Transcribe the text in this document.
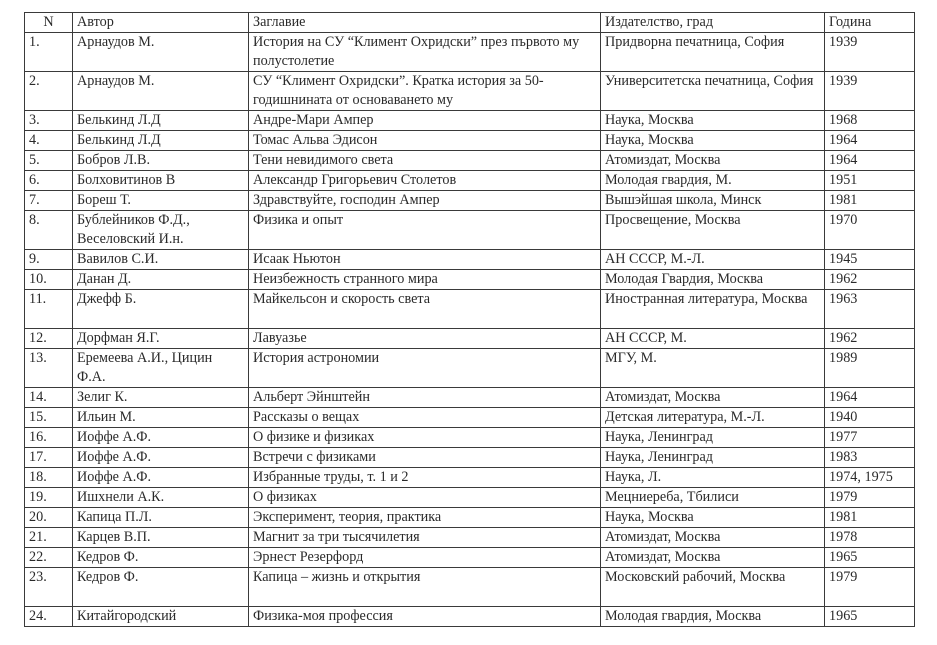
N	Автор	Заглавие	Издателство, град	Година
1.	Арнаудов М.	История на СУ “Климент Охридски” през първото му полустолетие	Придворна печатница, София	1939
2.	Арнаудов М.	СУ “Климент Охридски”. Кратка история за 50-годишнината от основаването му	Университетска печатница, София	1939
3.	Белькинд Л.Д	Андре-Мари Ампер	Наука, Москва	1968
4.	Белькинд Л.Д	Томас Альва Эдисон	Наука, Москва	1964
5.	Бобров Л.В.	Тени невидимого света	Атомиздат, Москва	1964
6.	Болховитинов В	Александр Григорьевич Столетов	Молодая гвардия, М.	1951
7.	Бореш Т.	Здравствуйте, господин Ампер	Вышэйшая школа, Минск	1981
8.	Бублейников Ф.Д., Веселовский И.н.	Физика и опыт	Просвещение, Москва	1970
9.	Вавилов С.И.	Исаак Ньютон	АН СССР, М.-Л.	1945
10.	Данан Д.	Неизбежность странного мира	Молодая Гвардия, Москва	1962
11.	Джефф Б.	Майкельсон и скорость света	Иностранная литература, Москва	1963
12.	Дорфман Я.Г.	Лавуазье	АН СССР, М.	1962
13.	Еремеева А.И., Цицин Ф.А.	История астрономии	МГУ, М.	1989
14.	Зелиг К.	Альберт Эйнштейн	Атомиздат, Москва	1964
15.	Ильин М.	Рассказы о вещах	Детская литература, М.-Л.	1940
16.	Иоффе А.Ф.	О физике и физиках	Наука, Ленинград	1977
17.	Иоффе А.Ф.	Встречи с физиками	Наука, Ленинград	1983
18.	Иоффе А.Ф.	Избранные труды, т. 1 и 2	Наука, Л.	1974, 1975
19.	Ишхнели А.К.	О физиках	Мецниереба, Тбилиси	1979
20.	Капица П.Л.	Эксперимент, теория, практика	Наука, Москва	1981
21.	Карцев В.П.	Магнит за три тысячилетия	Атомиздат, Москва	1978
22.	Кедров Ф.	Эрнест Резерфорд	Атомиздат, Москва	1965
23.	Кедров Ф.	Капица – жизнь и открытия	Московский рабочий, Москва	1979
24.	Китайгородский	Физика-моя профессия	Молодая гвардия, Москва	1965
